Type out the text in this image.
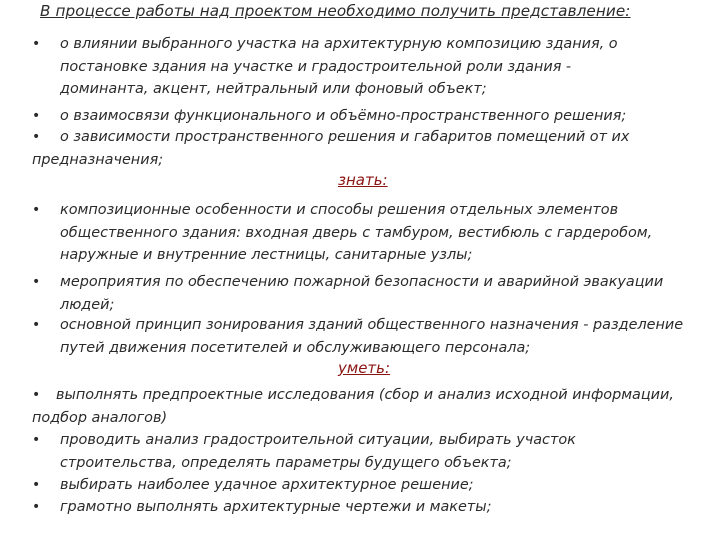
В процессе работы над проектом необходимо получить представление:
• о влиянии выбранного участка на архитектурную композицию здания, о
постановке здания на участке и градостроительной роли здания -
доминанта, акцент, нейтральный или фоновый объект;
• о взаимосвязи функционального и объёмно-пространственного решения;
•	о зависимости пространственного решения и габаритов помещений от их
предназначения;
знать:
• композиционные особенности и способы решения отдельных элементов
общественного здания: входная дверь с тамбуром, вестибюль с гардеробом,
наружные и внутренние лестницы, санитарные узлы;
• мероприятия по обеспечению пожарной безопасности и аварийной эвакуации
людей;
• основной принцип зонирования зданий общественного назначения - разделение
путей движения посетителей и обслуживающего персонала;
уметь:
•	выполнять предпроектные исследования (сбор и анализ исходной информации,
подбор аналогов)
• проводить анализ градостроительной ситуации, выбирать участок
строительства, определять параметры будущего объекта;
• выбирать наиболее удачное архитектурное решение;
• грамотно выполнять архитектурные чертежи и макеты;
